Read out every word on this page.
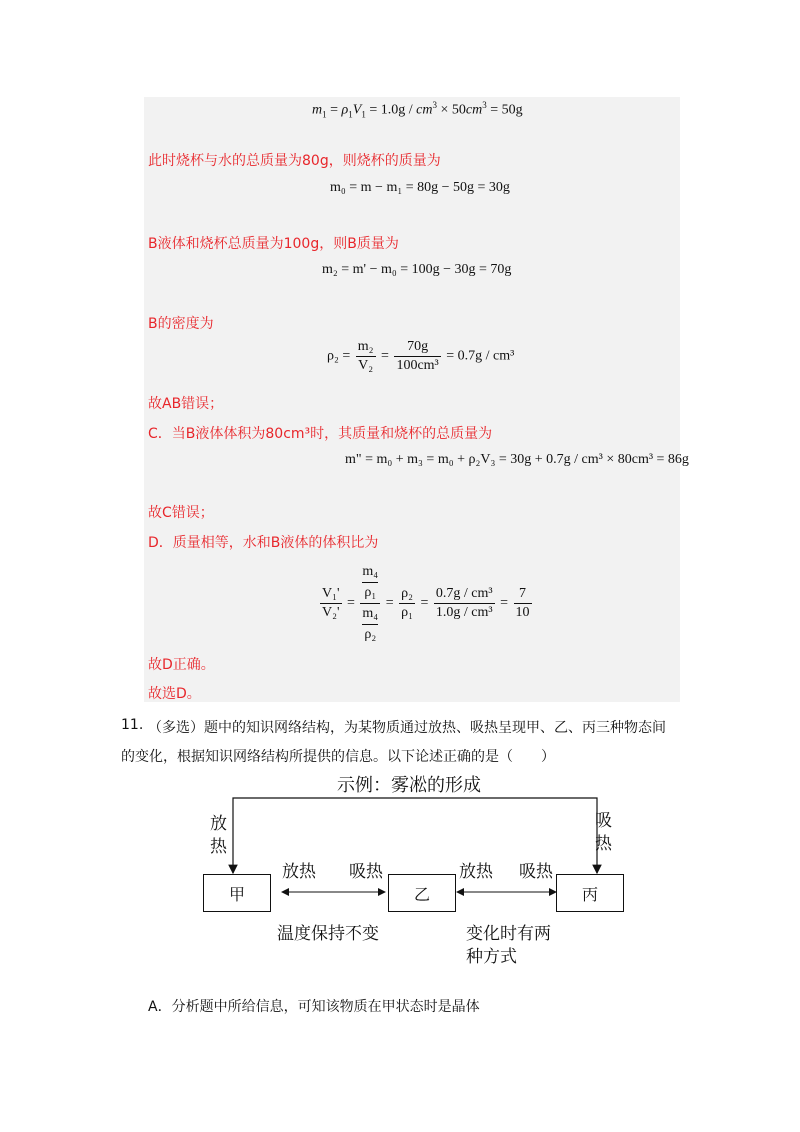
$m_1 = \rho_1V_1 = 1.0g / cm^3 \times 50cm^3 = 50g$
此时烧杯与水的总质量为80g，则烧杯的质量为
m₀ = m − m₁ = 80g − 50g = 30g
B液体和烧杯总质量为100g，则B质量为
m₂ = m' − m₀ = 100g − 30g = 70g
B的密度为
$\rho_2 = \frac{\text{m₂}}{\text{V₂}} = \frac{70g}{\text{100cm³}} = 0.7g / cm^3$
故AB错误；
C．当B液体体积为80cm³时，其质量和烧杯的总质量为
m" = m₀ + m₃ = m₀ + ρ₂V₃ = 30g + 0.7g / cm³ × 80cm³ = 86g
故C错误；
D．质量相等，水和B液体的体积比为
$\frac{\text{V₁'}}{\text{V₂'}} = m_4$
ρ₁
m₄
$\rho_2 = \frac{\text{ρ₂}}{\text{ρ₁}} = \frac{\text{0.7g / cm³}}{\text{1.0g / cm³}} = \frac{7}{10}$
故D正确。
故选D。
11. （多选）题中的知识网络结构，为某物质通过放热、吸热呈现甲、乙、丙三种物态间
的变化，根据知识网络结构所提供的信息。以下论述正确的是（　　）
示例：雾凇的形成
放
热
吸
热
甲	乙	丙
放热 吸热	放热 吸热
温度保持不变	变化时有两
种方式
A．分析题中所给信息，可知该物质在甲状态时是晶体
